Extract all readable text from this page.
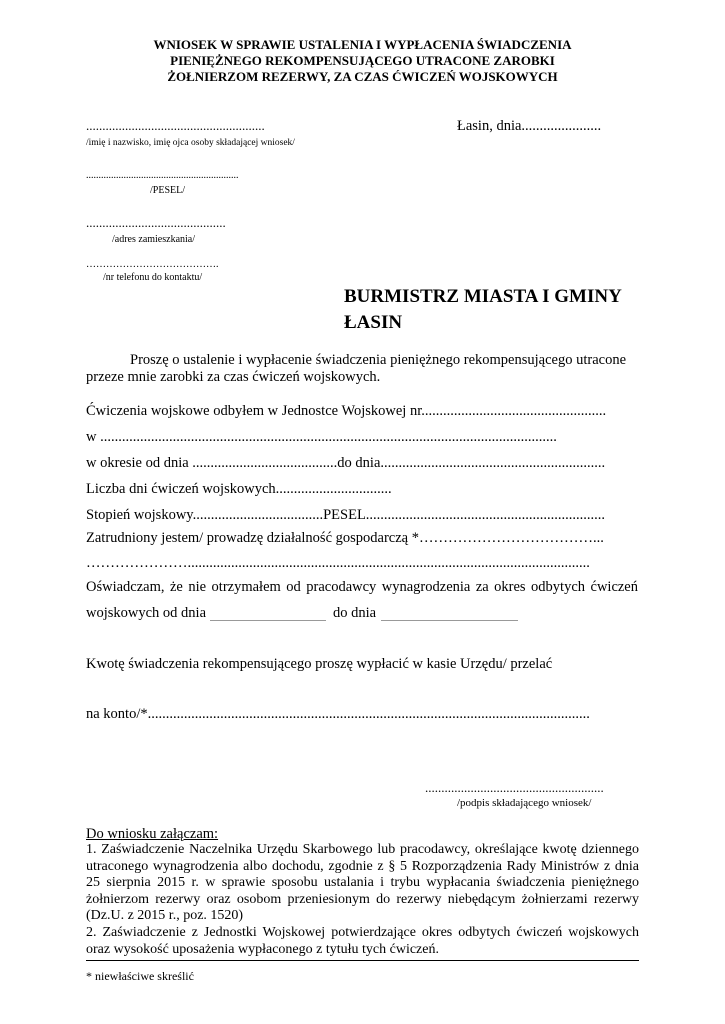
WNIOSEK W SPRAWIE USTALENIA I WYPŁACENIA ŚWIADCZENIA
PIENIĘŻNEGO REKOMPENSUJĄCEGO UTRACONE ZAROBKI
ŻOŁNIERZOM REZERWY, ZA CZAS ĆWICZEŃ WOJSKOWYCH
.......................................................
/imię i nazwisko, imię ojca osoby składającej wniosek/
Łasin, dnia......................
.............................................................
/PESEL/
...........................................
/adres zamieszkania/
………………………………….
/nr telefonu do kontaktu/
BURMISTRZ MIASTA I GMINY
ŁASIN
Proszę o ustalenie i wypłacenie świadczenia pieniężnego rekompensującego utracone
przeze mnie zarobki za czas ćwiczeń wojskowych.
Ćwiczenia wojskowe odbyłem w Jednostce Wojskowej nr...................................................
w ..............................................................................................................................
w okresie od dnia ........................................do dnia..............................................................
Liczba dni ćwiczeń wojskowych................................
Stopień wojskowy....................................PESEL..................................................................
Zatrudniony jestem/ prowadzę działalność gospodarczą *………………………………...
…………………...............................................................................................................
Oświadczam, że nie otrzymałem od pracodawcy wynagrodzenia za okres odbytych ćwiczeń
wojskowych od dnia	do dnia
Kwotę świadczenia rekompensującego proszę wypłacić w kasie Urzędu/ przelać
na konto/*..........................................................................................................................
.......................................................
/podpis składającego wniosek/
Do wniosku załączam:
1. Zaświadczenie Naczelnika Urzędu Skarbowego lub pracodawcy, określające kwotę dziennego utraconego wynagrodzenia albo dochodu, zgodnie z § 5 Rozporządzenia Rady Ministrów z dnia 25 sierpnia 2015 r. w sprawie sposobu ustalania i trybu wypłacania świadczenia pieniężnego żołnierzom rezerwy oraz osobom przeniesionym do rezerwy niebędącym żołnierzami rezerwy (Dz.U. z 2015 r., poz. 1520)
2. Zaświadczenie z Jednostki Wojskowej potwierdzające okres odbytych ćwiczeń wojskowych oraz wysokość uposażenia wypłaconego z tytułu tych ćwiczeń.
* niewłaściwe skreślić
